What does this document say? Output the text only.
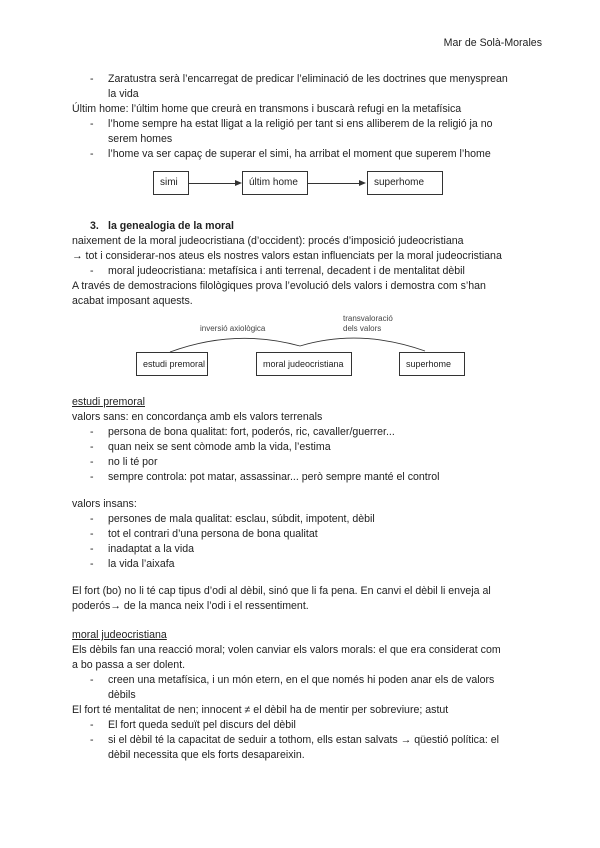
Mar de Solà-Morales
- Zaratustra serà l’encarregat de predicar l’eliminació de les doctrines que menysprean
la vida
Últim home: l’últim home que creurà en transmons i buscarà refugi en la metafísica
- l’home sempre ha estat lligat a la religió per tant si ens alliberem de la religió ja no
serem homes
- l’home va ser capaç de superar el simi, ha arribat el moment que superem l’home
simi	últim home	superhome
3. la genealogia de la moral
naixement de la moral judeocristiana (d’occident): procés d’imposició judeocristiana
→ tot i considerar-nos ateus els nostres valors estan influenciats per la moral judeocristiana
- moral judeocristiana: metafísica i anti terrenal, decadent i de mentalitat dèbil
A través de demostracions filològiques prova l’evolució dels valors i demostra com s’han
acabat imposant aquests.
inversió axiològica
transvaloració
dels valors
estudi premoral	moral judeocristiana	superhome
estudi premoral
valors sans: en concordança amb els valors terrenals
- persona de bona qualitat: fort, poderós, ric, cavaller/guerrer...
- quan neix se sent còmode amb la vida, l’estima
- no li té por
- sempre controla: pot matar, assassinar... però sempre manté el control
valors insans:
- persones de mala qualitat: esclau, súbdit, impotent, dèbil
- tot el contrari d’una persona de bona qualitat
- inadaptat a la vida
- la vida l’aixafa
El fort (bo) no li té cap tipus d’odi al dèbil, sinó que li fa pena. En canvi el dèbil li enveja al
poderós→ de la manca neix l’odi i el ressentiment.
moral judeocristiana
Els dèbils fan una reacció moral; volen canviar els valors morals: el que era considerat com
a bo passa a ser dolent.
- creen una metafísica, i un món etern, en el que només hi poden anar els de valors
dèbils
El fort té mentalitat de nen; innocent ≠ el dèbil ha de mentir per sobreviure; astut
- El fort queda seduït pel discurs del dèbil
- si el dèbil té la capacitat de seduir a tothom, ells estan salvats → qüestió política: el
dèbil necessita que els forts desapareixin.
